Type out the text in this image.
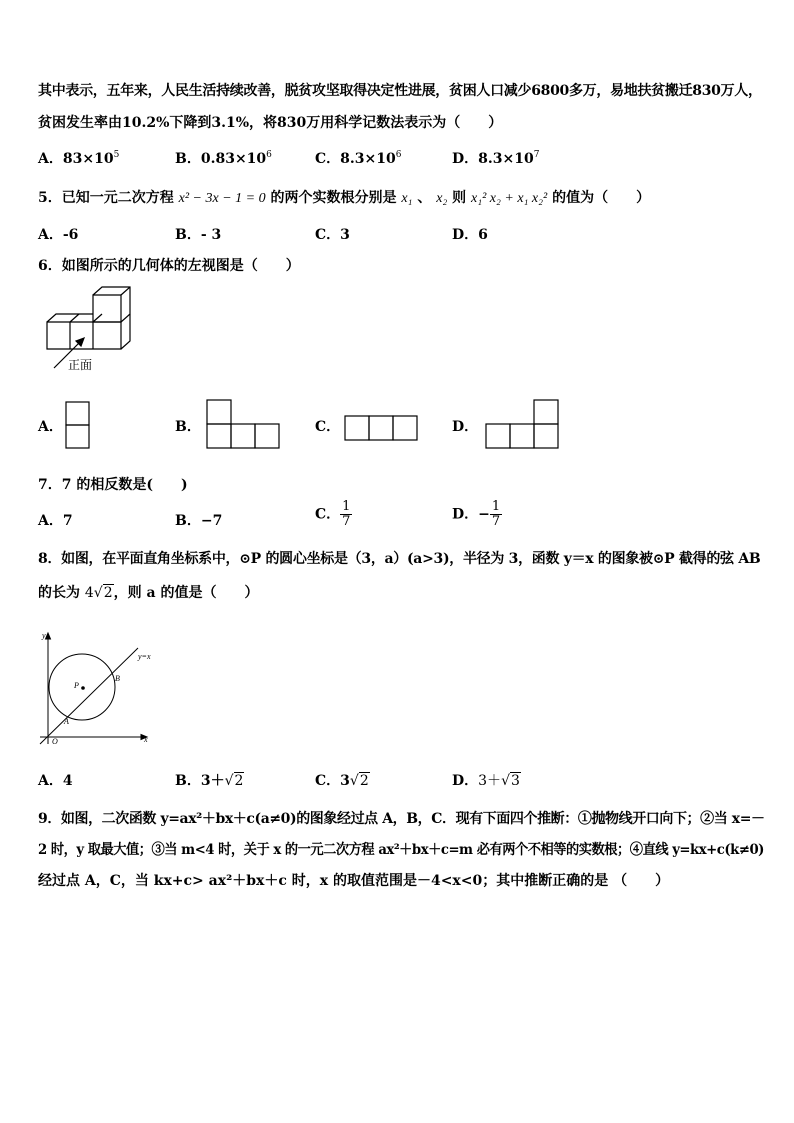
其中表示，五年来，人民生活持续改善，脱贫攻坚取得决定性进展，贫困人口减少6800多万，易地扶贫搬迁830万人，
贫困发生率由10.2%下降到3.1%，将830万用科学记数法表示为（　　）
A．$83\times 10^5$	B．$0.83\times 10^6$	C．$8.3\times 10^6$	D．$8.3\times 10^7$
5．已知一元二次方程 x² − 3x − 1 = 0 的两个实数根分别是 x₁ 、 x₂ 则 x₁² x₂ + x₁ x₂² 的值为（　　）
A．-6	B．- 3	C．3	D．6
6．如图所示的几何体的左视图是（　　）
正面
A．	B．	C．	D．
7．7 的相反数是(　　)
A．7	B．−7	C． $\frac{1}{7}$	D．− $\frac{1}{7}$
8．如图，在平面直角坐标系中，⊙P 的圆心坐标是（3，a）(a>3)，半径为 3，函数 y＝x 的图象被⊙P 截得的弦 AB
的长为 4√2，则 a 的值是（　　）
y
x
O
y=x
P
A
B
A．4	B．3＋√2	C．3√2	D．3＋√3
9．如图，二次函数 y=ax²＋bx＋c(a≠0)的图象经过点 A，B，C．现有下面四个推断：①抛物线开口向下；②当 x=－
2 时，y 取最大值；③当 m<4 时，关于 x 的一元二次方程 ax²＋bx＋c=m 必有两个不相等的实数根；④直线 y=kx+c(k≠0)
经过点 A，C，当 kx+c> ax²＋bx＋c 时，x 的取值范围是－4<x<0；其中推断正确的是 （　　）
